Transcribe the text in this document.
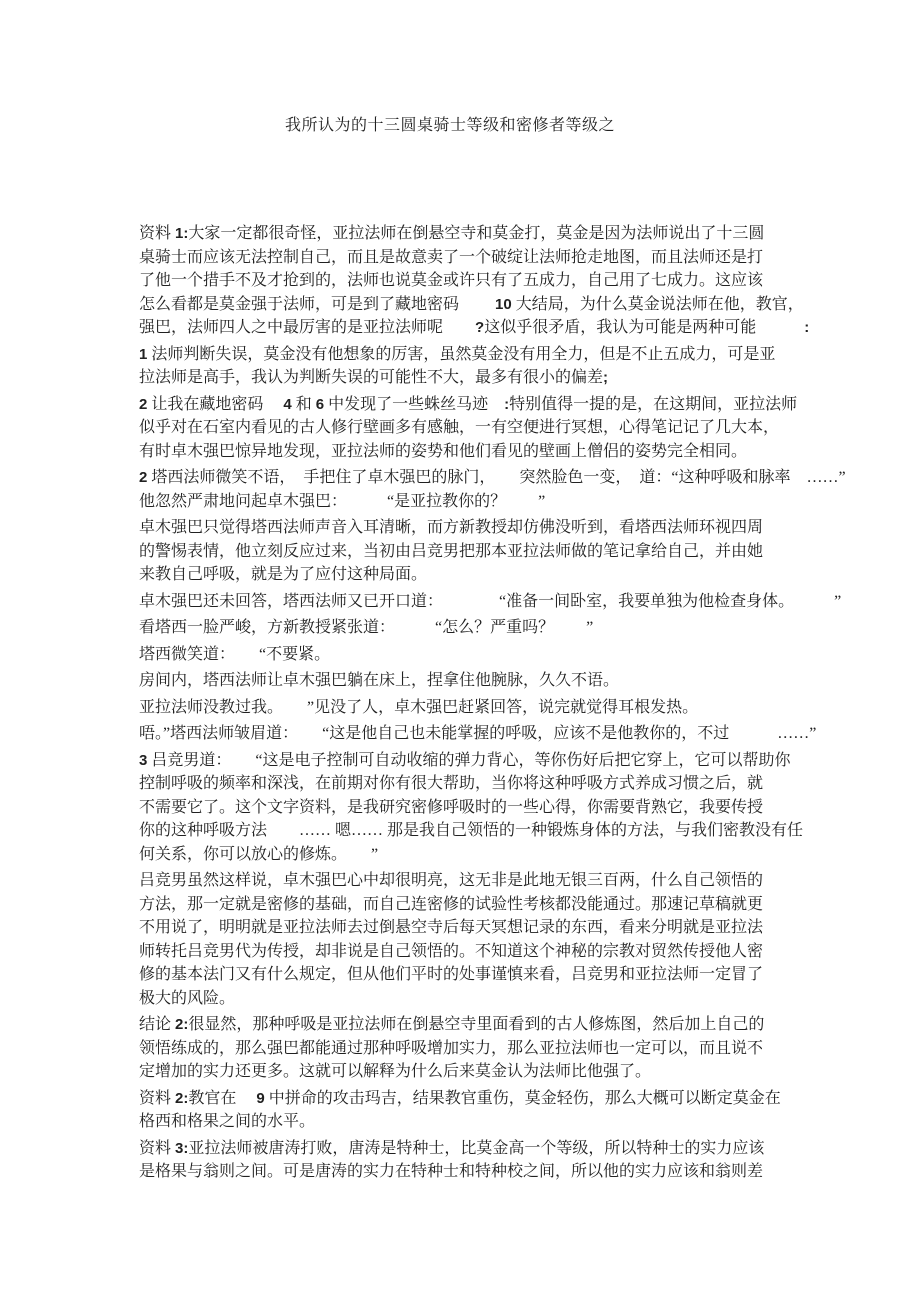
我所认为的十三圆桌骑士等级和密修者等级之
资料 1:大家一定都很奇怪，亚拉法师在倒悬空寺和莫金打，莫金是因为法师说出了十三圆
桌骑士而应该无法控制自己，而且是故意卖了一个破绽让法师抢走地图，而且法师还是打
了他一个措手不及才抢到的，法师也说莫金或许只有了五成力，自己用了七成力。这应该
怎么看都是莫金强于法师，可是到了藏地密码　　 10 大结局，为什么莫金说法师在他，教官，
强巴，法师四人之中最厉害的是亚拉法师呢　　?这似乎很矛盾，我认为可能是两种可能　　　:
1 法师判断失误，莫金没有他想象的厉害，虽然莫金没有用全力，但是不止五成力，可是亚
拉法师是高手，我认为判断失误的可能性不大，最多有很小的偏差;
2 让我在藏地密码　 4 和 6 中发现了一些蛛丝马迹　:特别值得一提的是，在这期间，亚拉法师
似乎对在石室内看见的古人修行壁画多有感触，一有空便进行冥想，心得笔记记了几大本，
有时卓木强巴惊异地发现，亚拉法师的姿势和他们看见的壁画上僧侣的姿势完全相同。
2 塔西法师微笑不语，　手把住了卓木强巴的脉门，　　突然脸色一变，　道：“这种呼吸和脉率　……”
他忽然严肃地问起卓木强巴：　　　“是亚拉教你的？　　”
卓木强巴只觉得塔西法师声音入耳清晰，而方新教授却仿佛没听到，看塔西法师环视四周
的警惕表情，他立刻反应过来，当初由吕竞男把那本亚拉法师做的笔记拿给自己，并由她
来教自己呼吸，就是为了应付这种局面。
卓木强巴还未回答，塔西法师又已开口道：　　　　“准备一间卧室，我要单独为他检查身体。　　　”
看塔西一脸严峻，方新教授紧张道：　　　“怎么？严重吗？　　”
塔西微笑道：　　“不要紧。
房间内，塔西法师让卓木强巴躺在床上，捏拿住他腕脉，久久不语。
亚拉法师没教过我。　　”见没了人，卓木强巴赶紧回答，说完就觉得耳根发热。
唔。”塔西法师皱眉道：　　“这是他自己也未能掌握的呼吸，应该不是他教你的，不过　　　……”
3 吕竞男道：　　“这是电子控制可自动收缩的弹力背心，等你伤好后把它穿上，它可以帮助你
控制呼吸的频率和深浅，在前期对你有很大帮助，当你将这种呼吸方式养成习惯之后，就
不需要它了。这个文字资料，是我研究密修呼吸时的一些心得，你需要背熟它，我要传授
你的这种呼吸方法　　…… 嗯…… 那是我自己领悟的一种锻炼身体的方法，与我们密教没有任
何关系，你可以放心的修炼。　　”
吕竞男虽然这样说，卓木强巴心中却很明亮，这无非是此地无银三百两，什么自己领悟的
方法，那一定就是密修的基础，而自己连密修的试验性考核都没能通过。那速记草稿就更
不用说了，明明就是亚拉法师去过倒悬空寺后每天冥想记录的东西，看来分明就是亚拉法
师转托吕竞男代为传授，却非说是自己领悟的。不知道这个神秘的宗教对贸然传授他人密
修的基本法门又有什么规定，但从他们平时的处事谨慎来看，吕竞男和亚拉法师一定冒了
极大的风险。
结论 2:很显然，那种呼吸是亚拉法师在倒悬空寺里面看到的古人修炼图，然后加上自己的
领悟练成的，那么强巴都能通过那种呼吸增加实力，那么亚拉法师也一定可以，而且说不
定增加的实力还更多。这就可以解释为什么后来莫金认为法师比他强了。
资料 2:教官在　 9 中拼命的攻击玛吉，结果教官重伤，莫金轻伤，那么大概可以断定莫金在
格西和格果之间的水平。
资料 3:亚拉法师被唐涛打败，唐涛是特种士，比莫金高一个等级，所以特种士的实力应该
是格果与翁则之间。可是唐涛的实力在特种士和特种校之间，所以他的实力应该和翁则差
